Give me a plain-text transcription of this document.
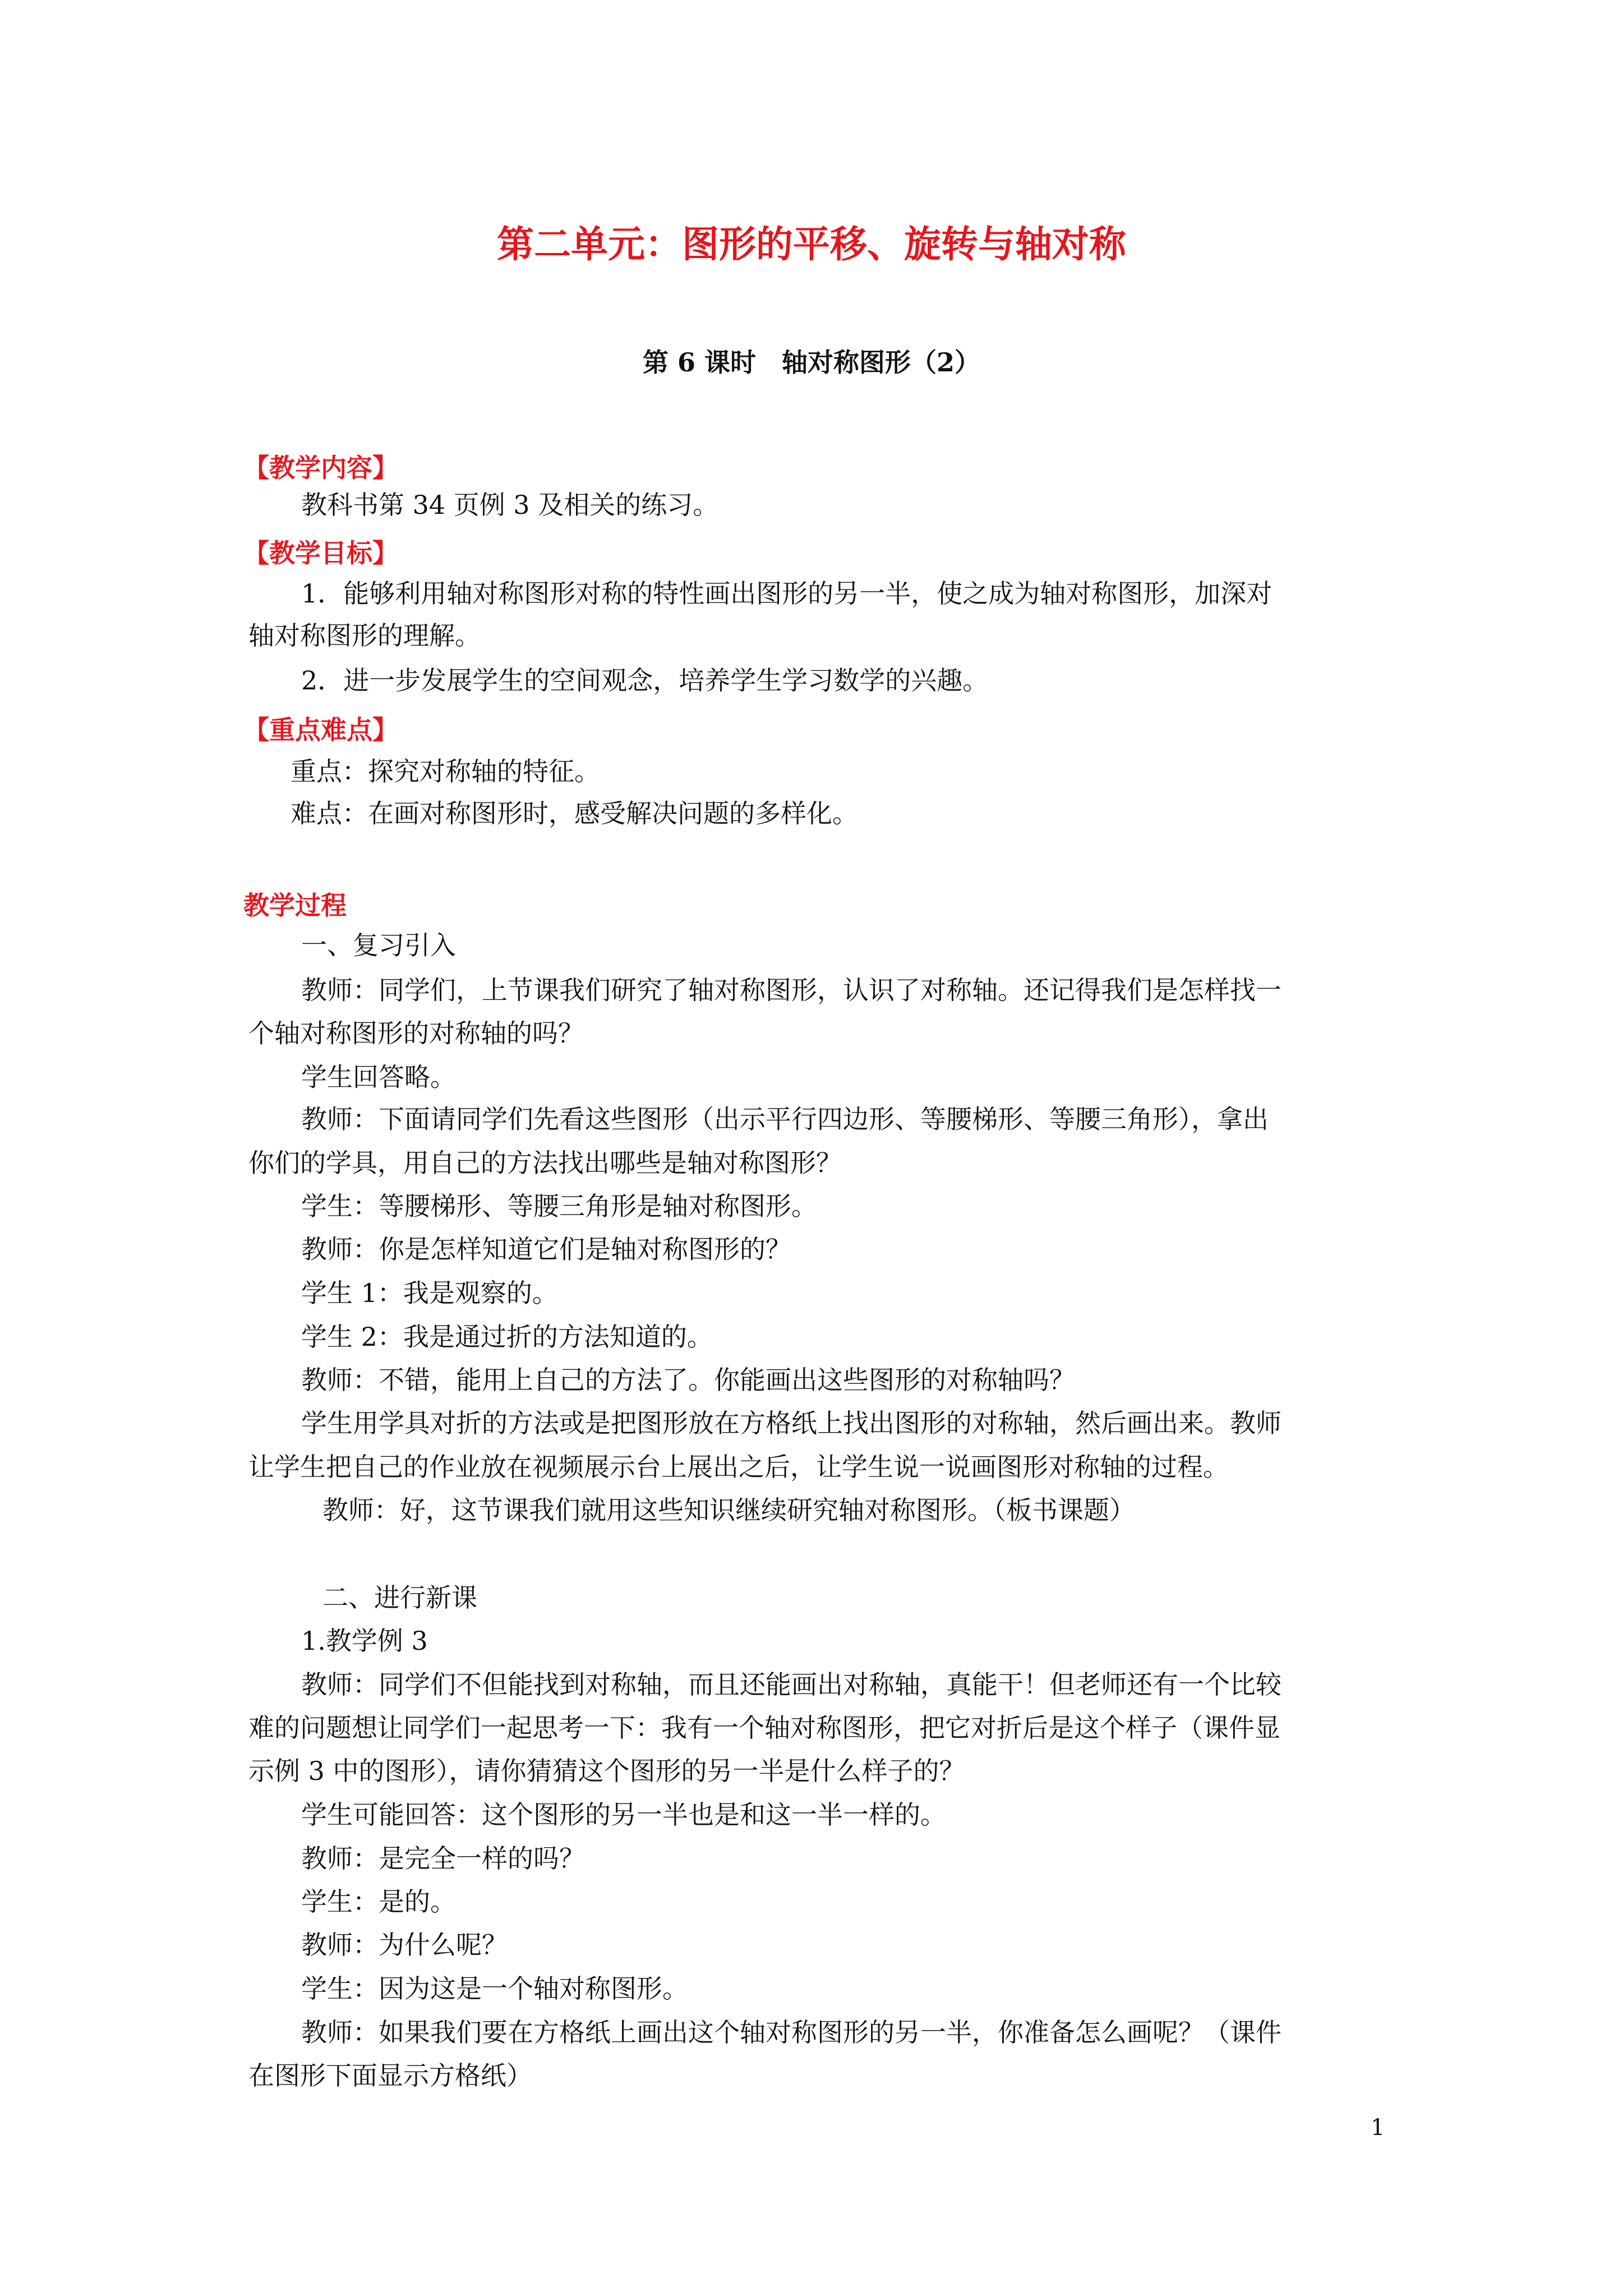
第二单元：图形的平移、旋转与轴对称
第 6 课时　轴对称图形（2）
【教学内容】
教科书第 34 页例 3 及相关的练习。
【教学目标】
1．能够利用轴对称图形对称的特性画出图形的另一半，使之成为轴对称图形，加深对
轴对称图形的理解。
2．进一步发展学生的空间观念，培养学生学习数学的兴趣。
【重点难点】
重点：探究对称轴的特征。
难点：在画对称图形时，感受解决问题的多样化。
教学过程
一、复习引入
教师：同学们，上节课我们研究了轴对称图形，认识了对称轴。还记得我们是怎样找一
个轴对称图形的对称轴的吗？
学生回答略。
教师：下面请同学们先看这些图形（出示平行四边形、等腰梯形、等腰三角形），拿出
你们的学具，用自己的方法找出哪些是轴对称图形？
学生：等腰梯形、等腰三角形是轴对称图形。
教师：你是怎样知道它们是轴对称图形的？
学生 1：我是观察的。
学生 2：我是通过折的方法知道的。
教师：不错，能用上自己的方法了。你能画出这些图形的对称轴吗？
学生用学具对折的方法或是把图形放在方格纸上找出图形的对称轴，然后画出来。教师
让学生把自己的作业放在视频展示台上展出之后，让学生说一说画图形对称轴的过程。
教师：好，这节课我们就用这些知识继续研究轴对称图形。（板书课题）
二、进行新课
1.教学例 3
教师：同学们不但能找到对称轴，而且还能画出对称轴，真能干！但老师还有一个比较
难的问题想让同学们一起思考一下：我有一个轴对称图形，把它对折后是这个样子（课件显
示例 3 中的图形），请你猜猜这个图形的另一半是什么样子的？
学生可能回答：这个图形的另一半也是和这一半一样的。
教师：是完全一样的吗？
学生：是的。
教师：为什么呢？
学生：因为这是一个轴对称图形。
教师：如果我们要在方格纸上画出这个轴对称图形的另一半，你准备怎么画呢？（课件
在图形下面显示方格纸）
1
